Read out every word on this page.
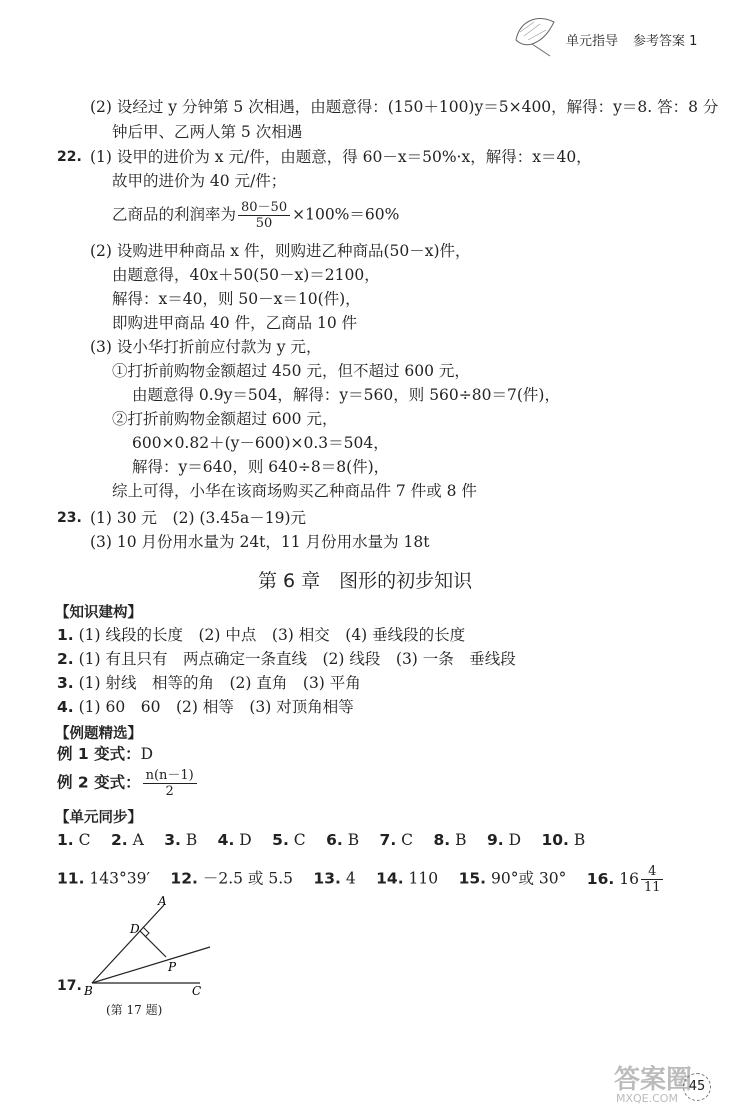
单元指导 参考答案 1
(2) 设经过 y 分钟第 5 次相遇，由题意得：(150＋100)y＝5×400，解得：y＝8. 答：8 分
钟后甲、乙两人第 5 次相遇
22. (1) 设甲的进价为 x 元/件，由题意，得 60－x＝50%·x，解得：x＝40，
故甲的进价为 40 元/件；
乙商品的利润率为 $\frac{80-50}{50} \times 100\%=60\%$
(2) 设购进甲种商品 x 件，则购进乙种商品(50－x)件，
由题意得，40x＋50(50－x)＝2100，
解得：x＝40，则 50－x＝10(件)，
即购进甲商品 40 件，乙商品 10 件
(3) 设小华打折前应付款为 y 元，
①打折前购物金额超过 450 元，但不超过 600 元，
由题意得 0.9y＝504，解得：y＝560，则 560÷80＝7(件)，
②打折前购物金额超过 600 元，
600×0.82＋(y－600)×0.3＝504，
解得：y＝640，则 640÷8＝8(件)，
综上可得，小华在该商场购买乙种商品件 7 件或 8 件
23. (1) 30 元　(2) (3.45a－19)元
(3) 10 月份用水量为 24t，11 月份用水量为 18t
第 6 章　图形的初步知识
【知识建构】
1. (1) 线段的长度　(2) 中点　(3) 相交　(4) 垂线段的长度
2. (1) 有且只有　两点确定一条直线　(2) 线段　(3) 一条　垂线段
3. (1) 射线　相等的角　(2) 直角　(3) 平角
4. (1) 60　60　(2) 相等　(3) 对顶角相等
【例题精选】
例 1 变式：D
例 2 变式： $\frac{n(n-1)}{2}$
【单元同步】
1. C　 2. A　 3. B　 4. D　 5. C　 6. B　 7. C　 8. B　 9. D　 10. B
11. 143°39′　 12. －2.5 或 5.5　 13. 4　 14. 110　 15. 90°或 30°　 16. $16 \frac{4}{11}$
17.
A
D
P
B	C
(第 17 题)
答案圈
MXQE.COM
45
